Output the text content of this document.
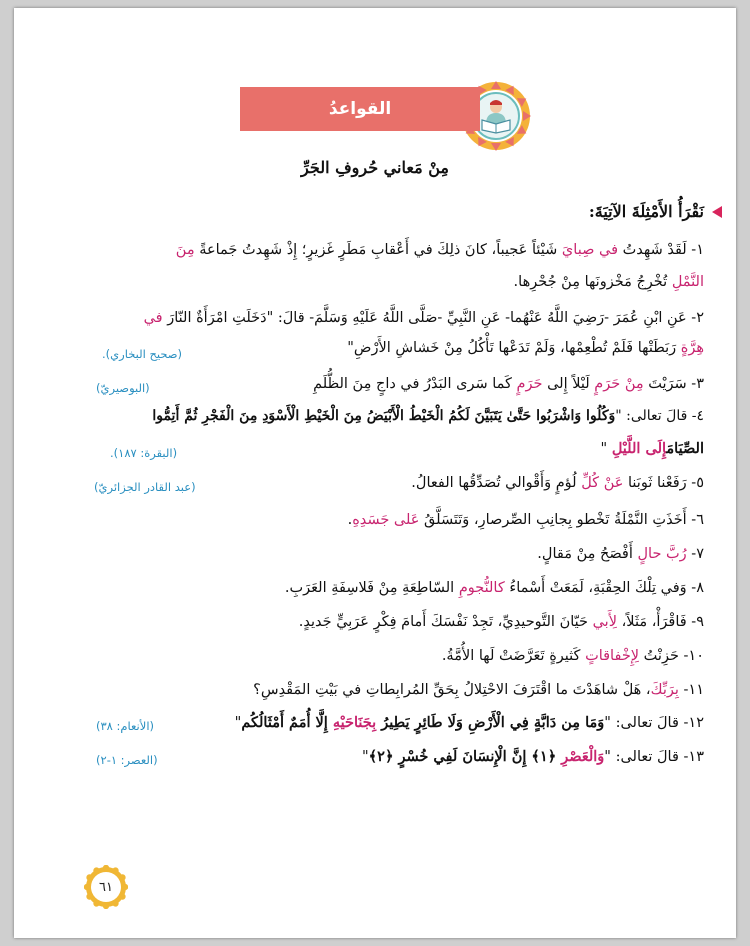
القواعدُ
مِنْ مَعاني حُروفِ الجَرِّ
نَقْرَأُ الأَمْثِلَةَ الآتِيَةَ:
١- لَقَدْ شَهِدتُ في صِبايَ شَيْئاً عَجيباً، كانَ ذلِكَ في أَعْقابِ مَطَرٍ غَزيرٍ؛ إِذْ شَهِدتُ جَماعةً مِنَ
النَّمْلِ تُخْرِجُ مَخْزونَها مِنْ جُحْرِها.
٢- عَنِ ابْنِ عُمَرَ -رَضِيَ اللَّهُ عَنْهُما- عَنِ النَّبِيِّ -صَلَّى اللَّهُ عَلَيْهِ وَسَلَّمَ- قالَ: "دَخَلَتِ امْرَأَةٌ النّارَ في
هِرَّةٍ رَبَطَتْها فَلَمْ تُطْعِمْها، وَلَمْ تَدَعْها تَأْكُلُ مِنْ خَشاشِ الأَرْضِ"
(صحيح البخاري).
٣- سَرَيْتَ مِنْ حَرَمٍ لَيْلاً إِلى حَرَمٍ كَما سَرى البَدْرُ في داجٍ مِنَ الظُّلَمِ
(البوصيريّ)
٤- قالَ تعالى: "وَكُلُوا وَاشْرَبُوا حَتَّىٰ يَتَبَيَّنَ لَكُمُ الْخَيْطُ الْأَبْيَضُ مِنَ الْخَيْطِ الْأَسْوَدِ مِنَ الْفَجْرِ ثُمَّ أَتِمُّوا
الصِّيَامَإِلَى اللَّيْلِ "
(البقرة: ١٨٧).
٥- رَفَعْنا ثَوبَنا عَنْ كُلِّ لُؤمٍ وَأَقْوالي تُصَدِّقُها الفعالُ.
(عبد القادر الجزائريّ)
٦- أَخَذَتِ النَّمْلَةُ تَخْطو بِجانِبِ الصِّرصارِ، وَتَتَسَلَّقُ عَلى جَسَدِهِ.
٧- رُبَّ حالٍ أَفْصَحُ مِنْ مَقالٍ.
٨- وَفي تِلْكَ الحِقْبَةِ، لَمَعَتْ أَسْماءُ كالنُّجومِ السّاطِعَةِ مِنْ فَلاسِفَةِ العَرَبِ.
٩- فَاقْرَأْ، مَثَلاً، لِأَبي حَيّانَ التَّوحيدِيِّ، تَجِدْ نَفْسَكَ أَمامَ فِكْرٍ عَرَبِيٍّ جَديدٍ.
١٠- حَزِنْتُ لِإِخْفاقاتٍ كَثيرةٍ تَعَرَّضَتْ لَها الأُمَّةُ.
١١- بِرَبِّكَ، هَلْ شاهَدْتَ ما اقْتَرَفَ الاحْتِلالُ بِحَقِّ المُرابِطاتِ في بَيْتِ المَقْدِسِ؟
١٢- قالَ تعالى: "وَمَا مِن دَابَّةٍ فِي الْأَرْضِ وَلَا طَائِرٍ يَطِيرُ بِجَنَاحَيْهِ إِلَّا أُمَمٌ أَمْثَالُكُم"
(الأنعام: ٣٨)
١٣- قالَ تعالى: "وَالْعَصْرِ ﴿١﴾ إِنَّ الْإِنسَانَ لَفِي خُسْرٍ ﴿٢﴾"
(العصر: ١-٢)
٦١
